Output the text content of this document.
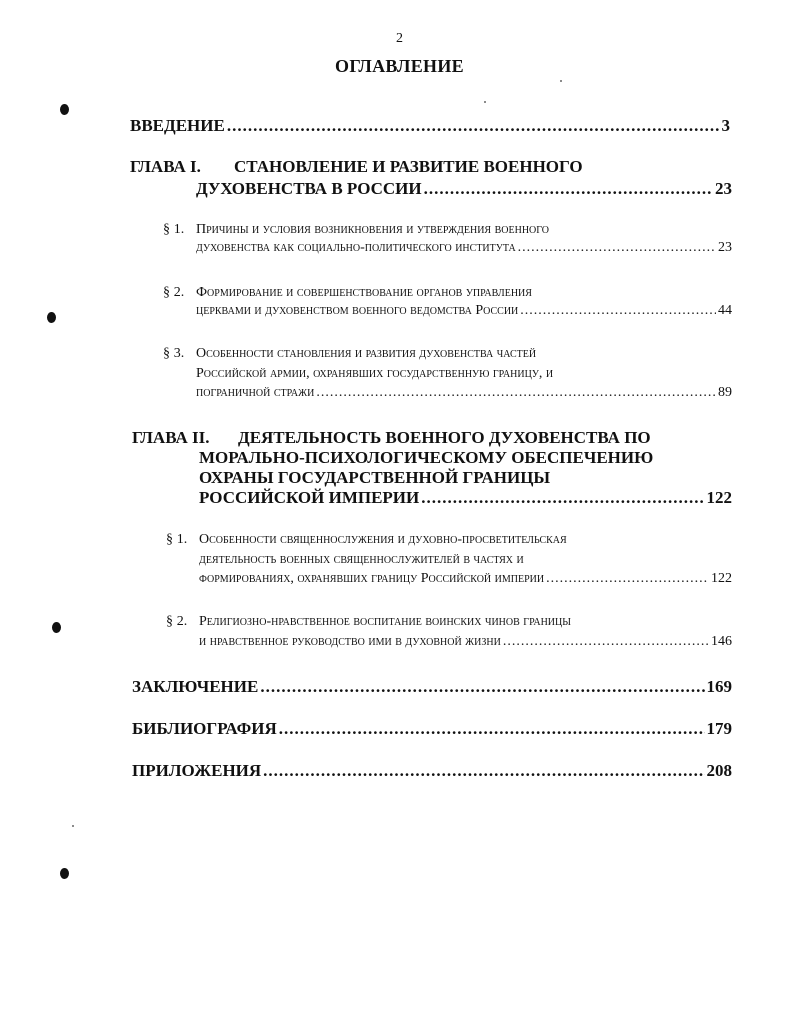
2
ОГЛАВЛЕНИЕ
ВВЕДЕНИЕ .....	3
ГЛАВА I. СТАНОВЛЕНИЕ И РАЗВИТИЕ ВОЕННОГО
ДУХОВЕНСТВА В РОССИИ .....	23
§ 1. Причины и условия возникновения и утверждения военного
духовенства как социально-политического института .....	23
§ 2. Формирование и совершенствование органов управления
церквами и духовенством военного ведомства России .....	44
§ 3. Особенности становления и развития духовенства частей
Российской армии, охранявших государственную границу, и
пограничной стражи .....	89
ГЛАВА II. ДЕЯТЕЛЬНОСТЬ ВОЕННОГО ДУХОВЕНСТВА ПО
МОРАЛЬНО-ПСИХОЛОГИЧЕСКОМУ ОБЕСПЕЧЕНИЮ
ОХРАНЫ ГОСУДАРСТВЕННОЙ ГРАНИЦЫ
РОССИЙСКОЙ ИМПЕРИИ .....	122
§ 1. Особенности священнослужения и духовно-просветительская
деятельность военных священнослужителей в частях и
формированиях, охранявших границу Российской империи .....	122
§ 2. Религиозно-нравственное воспитание воинских чинов границы
и нравственное руководство ими в духовной жизни .....	146
ЗАКЛЮЧЕНИЕ .....	169
БИБЛИОГРАФИЯ .....	179
ПРИЛОЖЕНИЯ .....	208
